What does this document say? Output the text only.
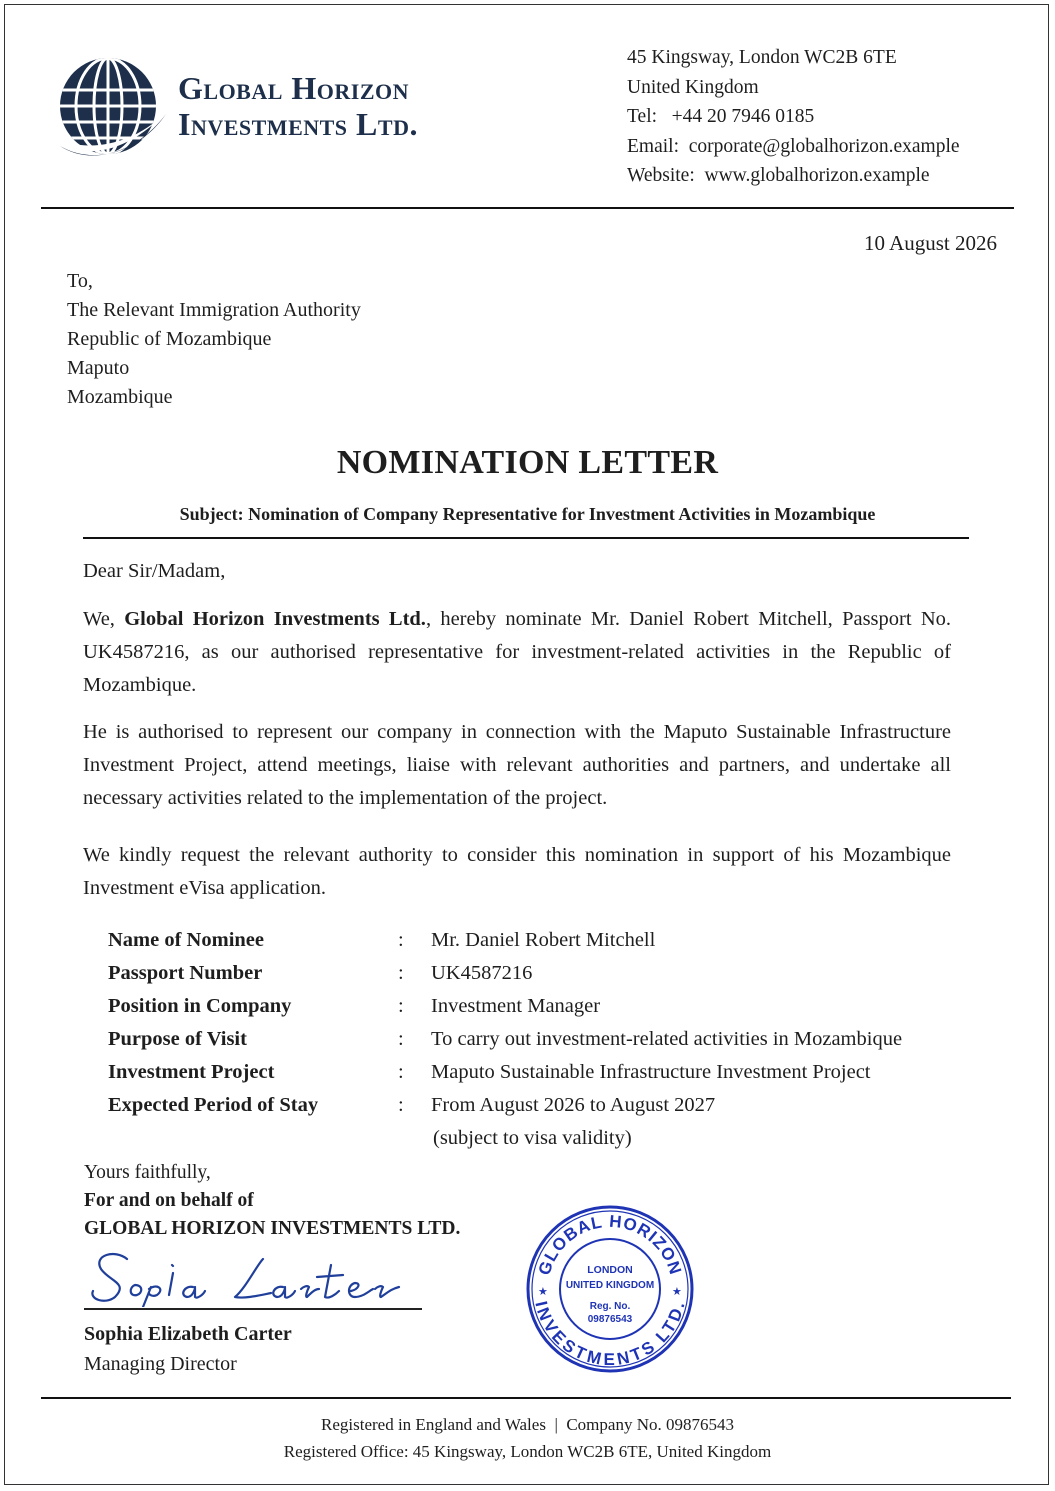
Global Horizon
Investments Ltd.
45 Kingsway, London WC2B 6TE
United Kingdom
Tel:   +44 20 7946 0185
Email:  corporate@globalhorizon.example
Website:  www.globalhorizon.example
10 August 2026
To,
The Relevant Immigration Authority
Republic of Mozambique
Maputo
Mozambique
NOMINATION LETTER
Subject: Nomination of Company Representative for Investment Activities in Mozambique
Dear Sir/Madam,
We, Global Horizon Investments Ltd., hereby nominate Mr. Daniel Robert Mitchell, Passport No. UK4587216, as our authorised representative for investment-related activities in the Republic of Mozambique.
He is authorised to represent our company in connection with the Maputo Sustainable Infrastructure Investment Project, attend meetings, liaise with relevant authorities and partners, and undertake all necessary activities related to the implementation of the project.
We kindly request the relevant authority to consider this nomination in support of his Mozambique Investment eVisa application.
Name of Nominee	:	Mr. Daniel Robert Mitchell
Passport Number	:	UK4587216
Position in Company	:	Investment Manager
Purpose of Visit	:	To carry out investment-related activities in Mozambique
Investment Project	:	Maputo Sustainable Infrastructure Investment Project
Expected Period of Stay	:	From August 2026 to August 2027
(subject to visa validity)
Yours faithfully,
For and on behalf of
GLOBAL HORIZON INVESTMENTS LTD.
Sophia Elizabeth Carter
Managing Director
GLOBAL HORIZON
INVESTMENTS LTD.
★	★
LONDON
UNITED KINGDOM
Reg. No.
09876543
Registered in England and Wales  |  Company No. 09876543
Registered Office: 45 Kingsway, London WC2B 6TE, United Kingdom
